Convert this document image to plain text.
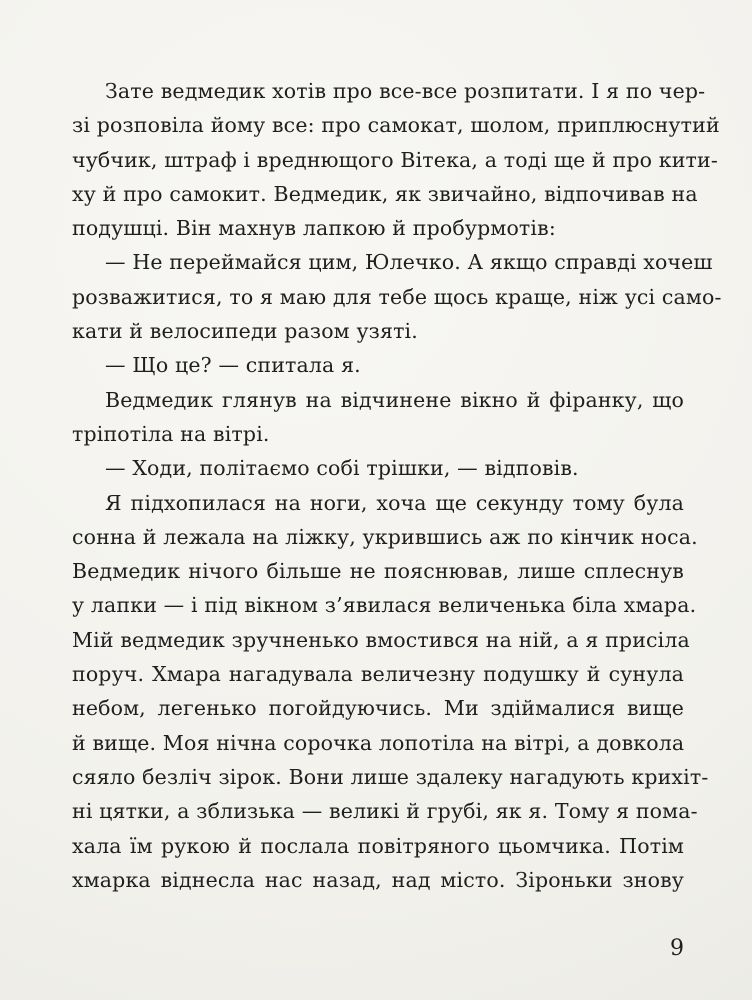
Зате ведмедик хотів про все-все розпитати. І я по чер-
зі розповіла йому все: про самокат, шолом, приплюснутий
чубчик, штраф і вреднющого Вітека, а тоді ще й про кити-
ху й про самокит. Ведмедик, як звичайно, відпочивав на
подушці. Він махнув лапкою й пробурмотів:
— Не переймайся цим, Юлечко. А якщо справді хочеш
розважитися, то я маю для тебе щось краще, ніж усі само-
кати й велосипеди разом узяті.
— Що це? — спитала я.
Ведмедик глянув на відчинене вікно й фіранку, що
тріпотіла на вітрі.
— Ходи, політаємо собі трішки, — відповів.
Я підхопилася на ноги, хоча ще секунду тому була
сонна й лежала на ліжку, укрившись аж по кінчик носа.
Ведмедик нічого більше не пояснював, лише сплеснув
у лапки — і під вікном з’явилася величенька біла хмара.
Мій ведмедик зручненько вмостився на ній, а я присіла
поруч. Хмара нагадувала величезну подушку й сунула
небом, легенько погойдуючись. Ми здіймалися вище
й вище. Моя нічна сорочка лопотіла на вітрі, а довкола
сяяло безліч зірок. Вони лише здалеку нагадують крихіт-
ні цятки, а зблизька — великі й грубі, як я. Тому я пома-
хала їм рукою й послала повітряного цьомчика. Потім
хмарка віднесла нас назад, над місто. Зіроньки знову
9
